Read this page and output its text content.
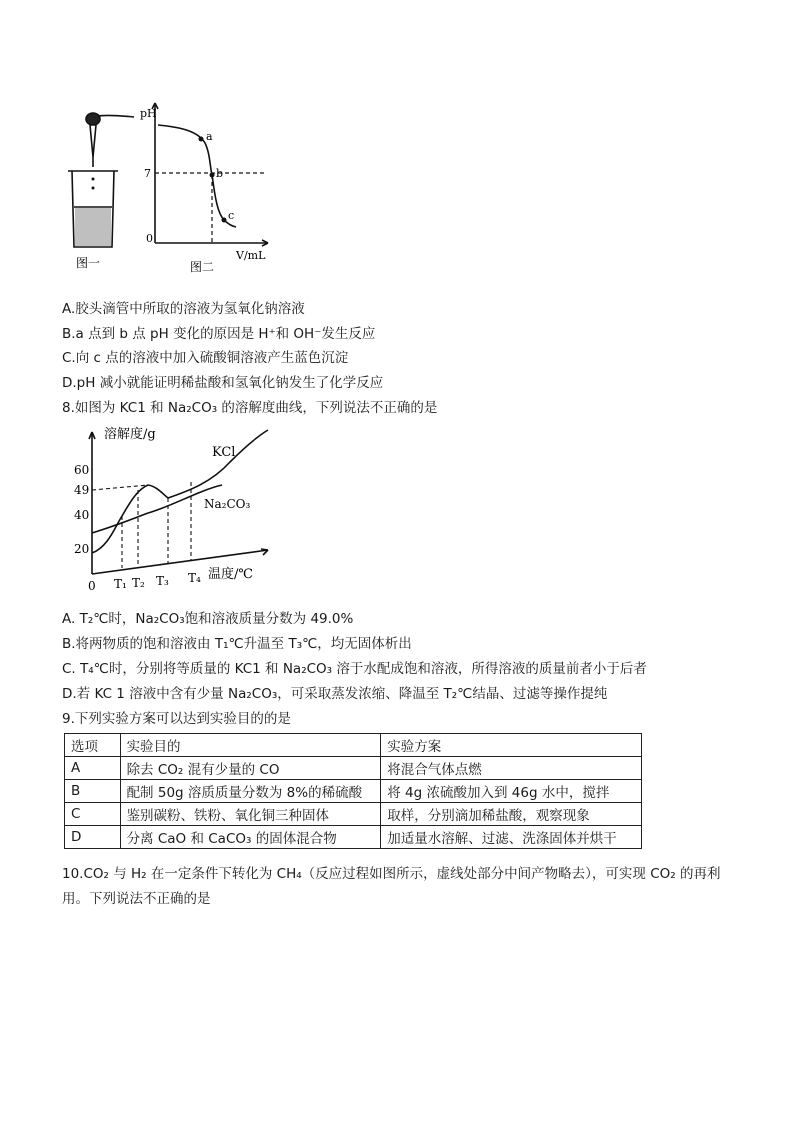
图一
pH
7
0
a
b
c
V/mL
图二
A.胶头滴管中所取的溶液为氢氧化钠溶液
B.a 点到 b 点 pH 变化的原因是 H⁺和 OH⁻发生反应
C.向 c 点的溶液中加入硫酸铜溶液产生蓝色沉淀
D.pH 减小就能证明稀盐酸和氢氧化钠发生了化学反应
8.如图为 KC1 和 Na₂CO₃ 的溶解度曲线，下列说法不正确的是
溶解度/g
KCl
Na₂CO₃
60
49
40
20
0 T₁ T₂ T₃ T₄ 温度/℃
A. T₂℃时，Na₂CO₃饱和溶液质量分数为 49.0%
B.将两物质的饱和溶液由 T₁℃升温至 T₃℃，均无固体析出
C. T₄℃时，分别将等质量的 KC1 和 Na₂CO₃ 溶于水配成饱和溶液，所得溶液的质量前者小于后者
D.若 KC 1 溶液中含有少量 Na₂CO₃，可采取蒸发浓缩、降温至 T₂℃结晶、过滤等操作提纯
9.下列实验方案可以达到实验目的的是
选项	实验目的	实验方案
A	除去 CO₂ 混有少量的 CO	将混合气体点燃
B	配制 50g 溶质质量分数为 8%的稀硫酸	将 4g 浓硫酸加入到 46g 水中，搅拌
C	鉴别碳粉、铁粉、氧化铜三种固体	取样，分别滴加稀盐酸，观察现象
D	分离 CaO 和 CaCO₃ 的固体混合物	加适量水溶解、过滤、洗涤固体并烘干
10.CO₂ 与 H₂ 在一定条件下转化为 CH₄（反应过程如图所示，虚线处部分中间产物略去），可实现 CO₂ 的再利
用。下列说法不正确的是
